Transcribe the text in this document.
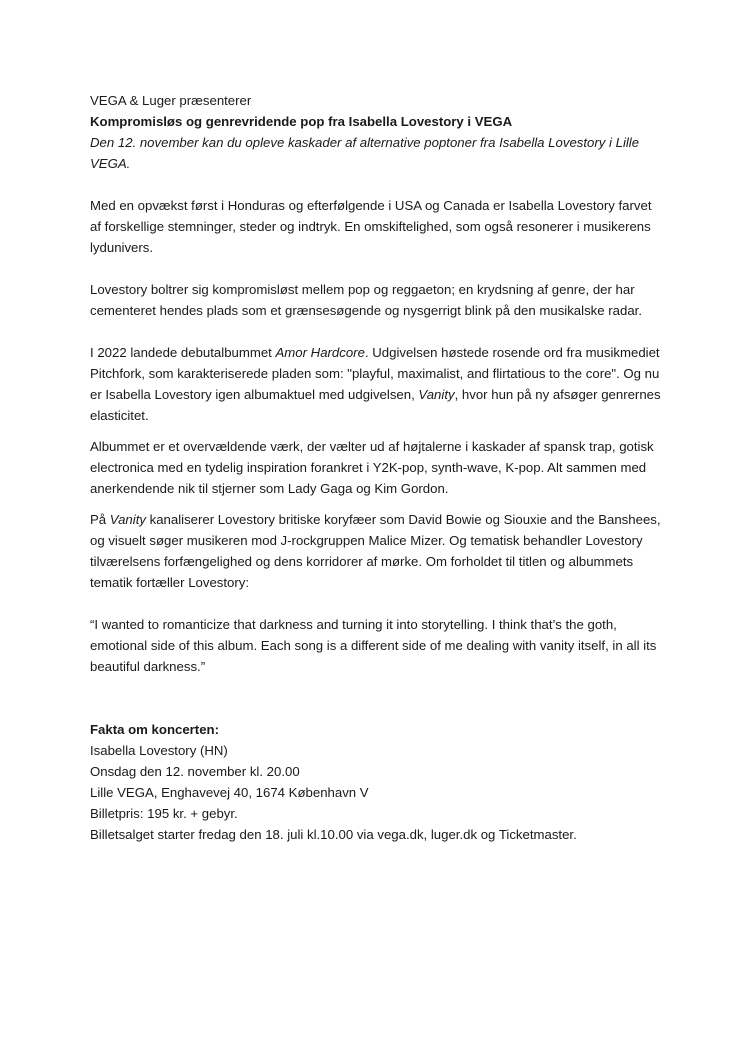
VEGA & Luger præsenterer

Kompromisløs og genrevridende pop fra Isabella Lovestory i VEGA

Den 12. november kan du opleve kaskader af alternative poptoner fra Isabella Lovestory i Lille VEGA.

Med en opvækst først i Honduras og efterfølgende i USA og Canada er Isabella Lovestory farvet af forskellige stemninger, steder og indtryk. En omskiftelighed, som også resonerer i musikerens lydunivers.

Lovestory boltrer sig kompromisløst mellem pop og reggaeton; en krydsning af genre, der har cementeret hendes plads som et grænsesøgende og nysgerrigt blink på den musikalske radar.

I 2022 landede debutalbummet Amor Hardcore. Udgivelsen høstede rosende ord fra musikmediet Pitchfork, som karakteriserede pladen som: "playful, maximalist, and flirtatious to the core". Og nu er Isabella Lovestory igen albumaktuel med udgivelsen, Vanity, hvor hun på ny afsøger genrernes elasticitet.

Albummet er et overvældende værk, der vælter ud af højtalerne i kaskader af spansk trap, gotisk electronica med en tydelig inspiration forankret i Y2K-pop, synth-wave, K-pop. Alt sammen med anerkendende nik til stjerner som Lady Gaga og Kim Gordon.

På Vanity kanaliserer Lovestory britiske koryfæer som David Bowie og Siouxie and the Banshees, og visuelt søger musikeren mod J-rockgruppen Malice Mizer. Og tematisk behandler Lovestory tilværelsens forfængelighed og dens korridorer af mørke. Om forholdet til titlen og albummets tematik fortæller Lovestory:

“I wanted to romanticize that darkness and turning it into storytelling. I think that’s the goth, emotional side of this album. Each song is a different side of me dealing with vanity itself, in all its beautiful darkness.”

Fakta om koncerten:

Isabella Lovestory (HN)

Onsdag den 12. november kl. 20.00

Lille VEGA, Enghavevej 40, 1674 København V

Billetpris: 195 kr. + gebyr.

Billetsalget starter fredag den 18. juli kl.10.00 via vega.dk, luger.dk og Ticketmaster.
